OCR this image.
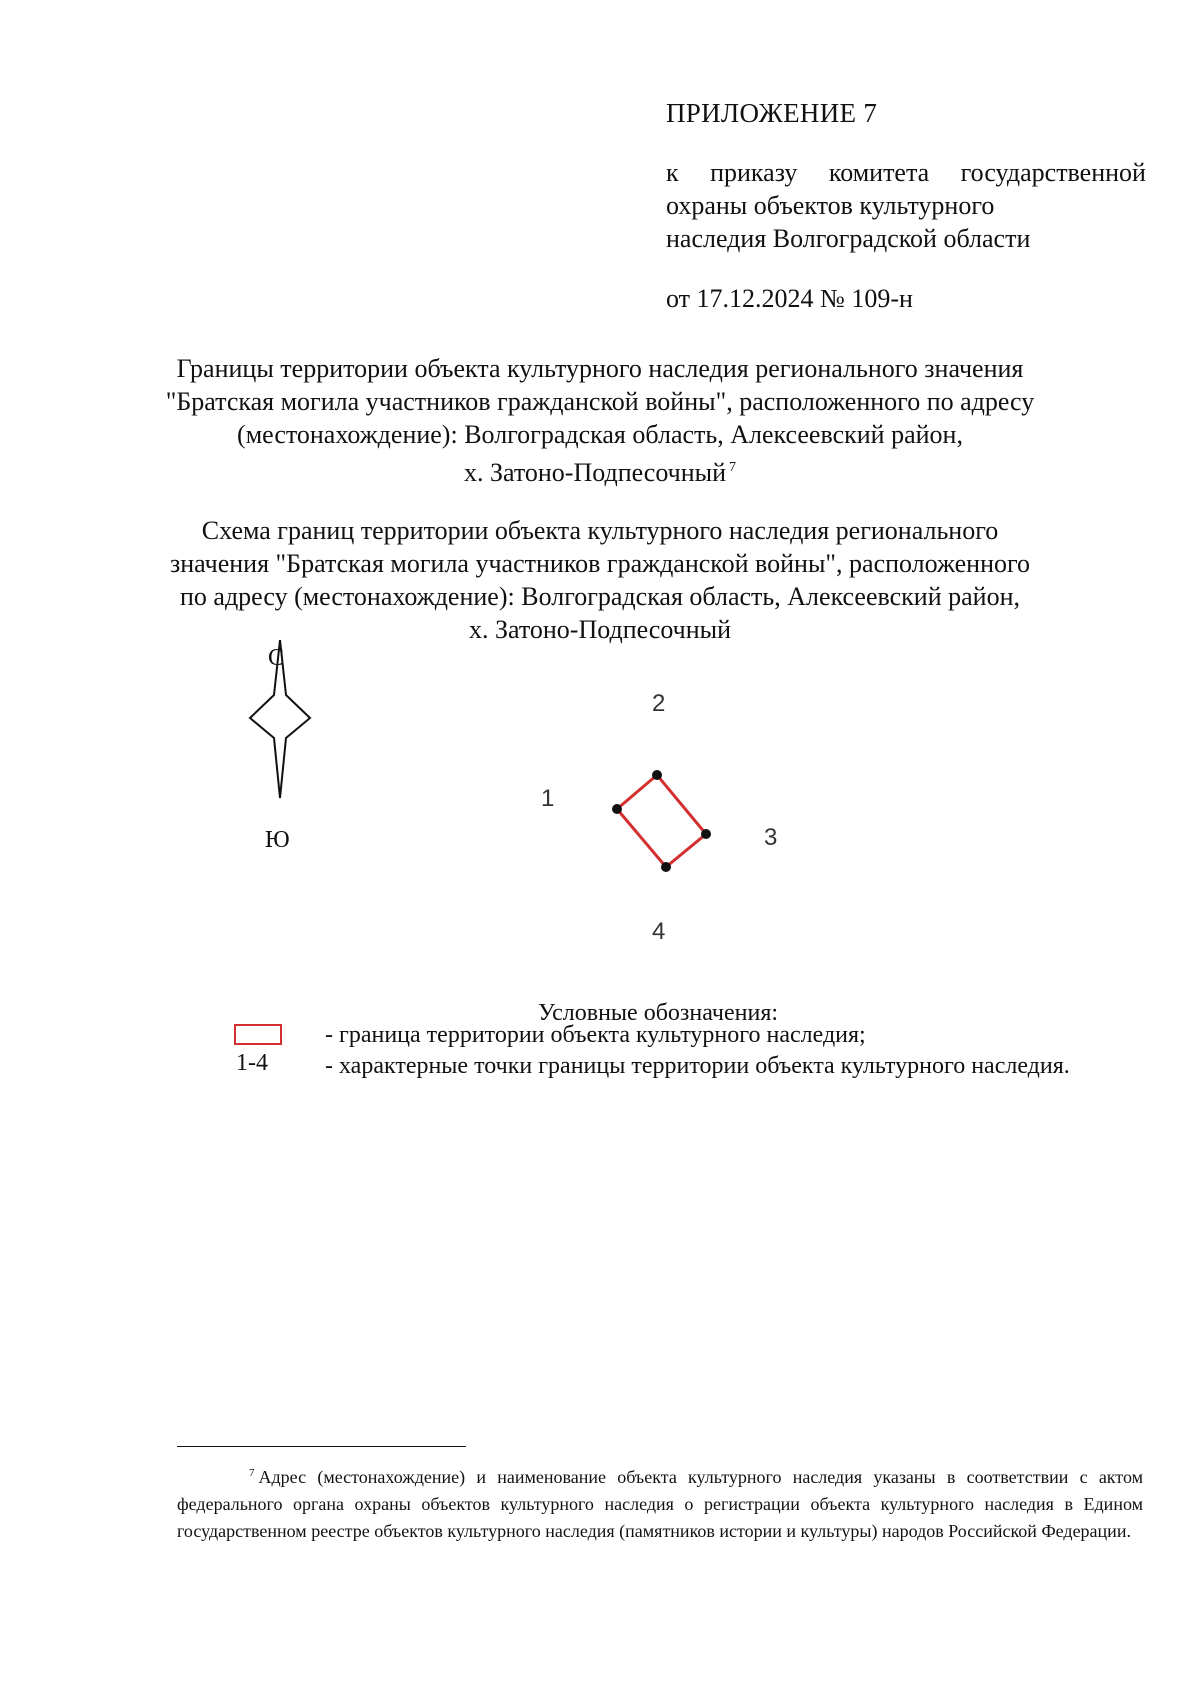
ПРИЛОЖЕНИЕ 7
к приказу комитета государственной
охраны объектов культурного
наследия Волгоградской области
от 17.12.2024 № 109-н
Границы территории объекта культурного наследия регионального значения
"Братская могила участников гражданской войны", расположенного по адресу
(местонахождение): Волгоградская область, Алексеевский район,
х. Затоно-Подпесочный $^7$
Схема границ территории объекта культурного наследия регионального
значения "Братская могила участников гражданской войны", расположенного
по адресу (местонахождение): Волгоградская область, Алексеевский район,
х. Затоно-Подпесочный
С
Ю
1
2
3
4
Условные обозначения:
- граница территории объекта культурного наследия;
1-4 - характерные точки границы территории объекта культурного наследия.
$^7$ Адрес (местонахождение) и наименование объекта культурного наследия указаны в соответствии с актом федерального органа охраны объектов культурного наследия о регистрации объекта культурного наследия в Едином государственном реестре объектов культурного наследия (памятников истории и культуры) народов Российской Федерации.
